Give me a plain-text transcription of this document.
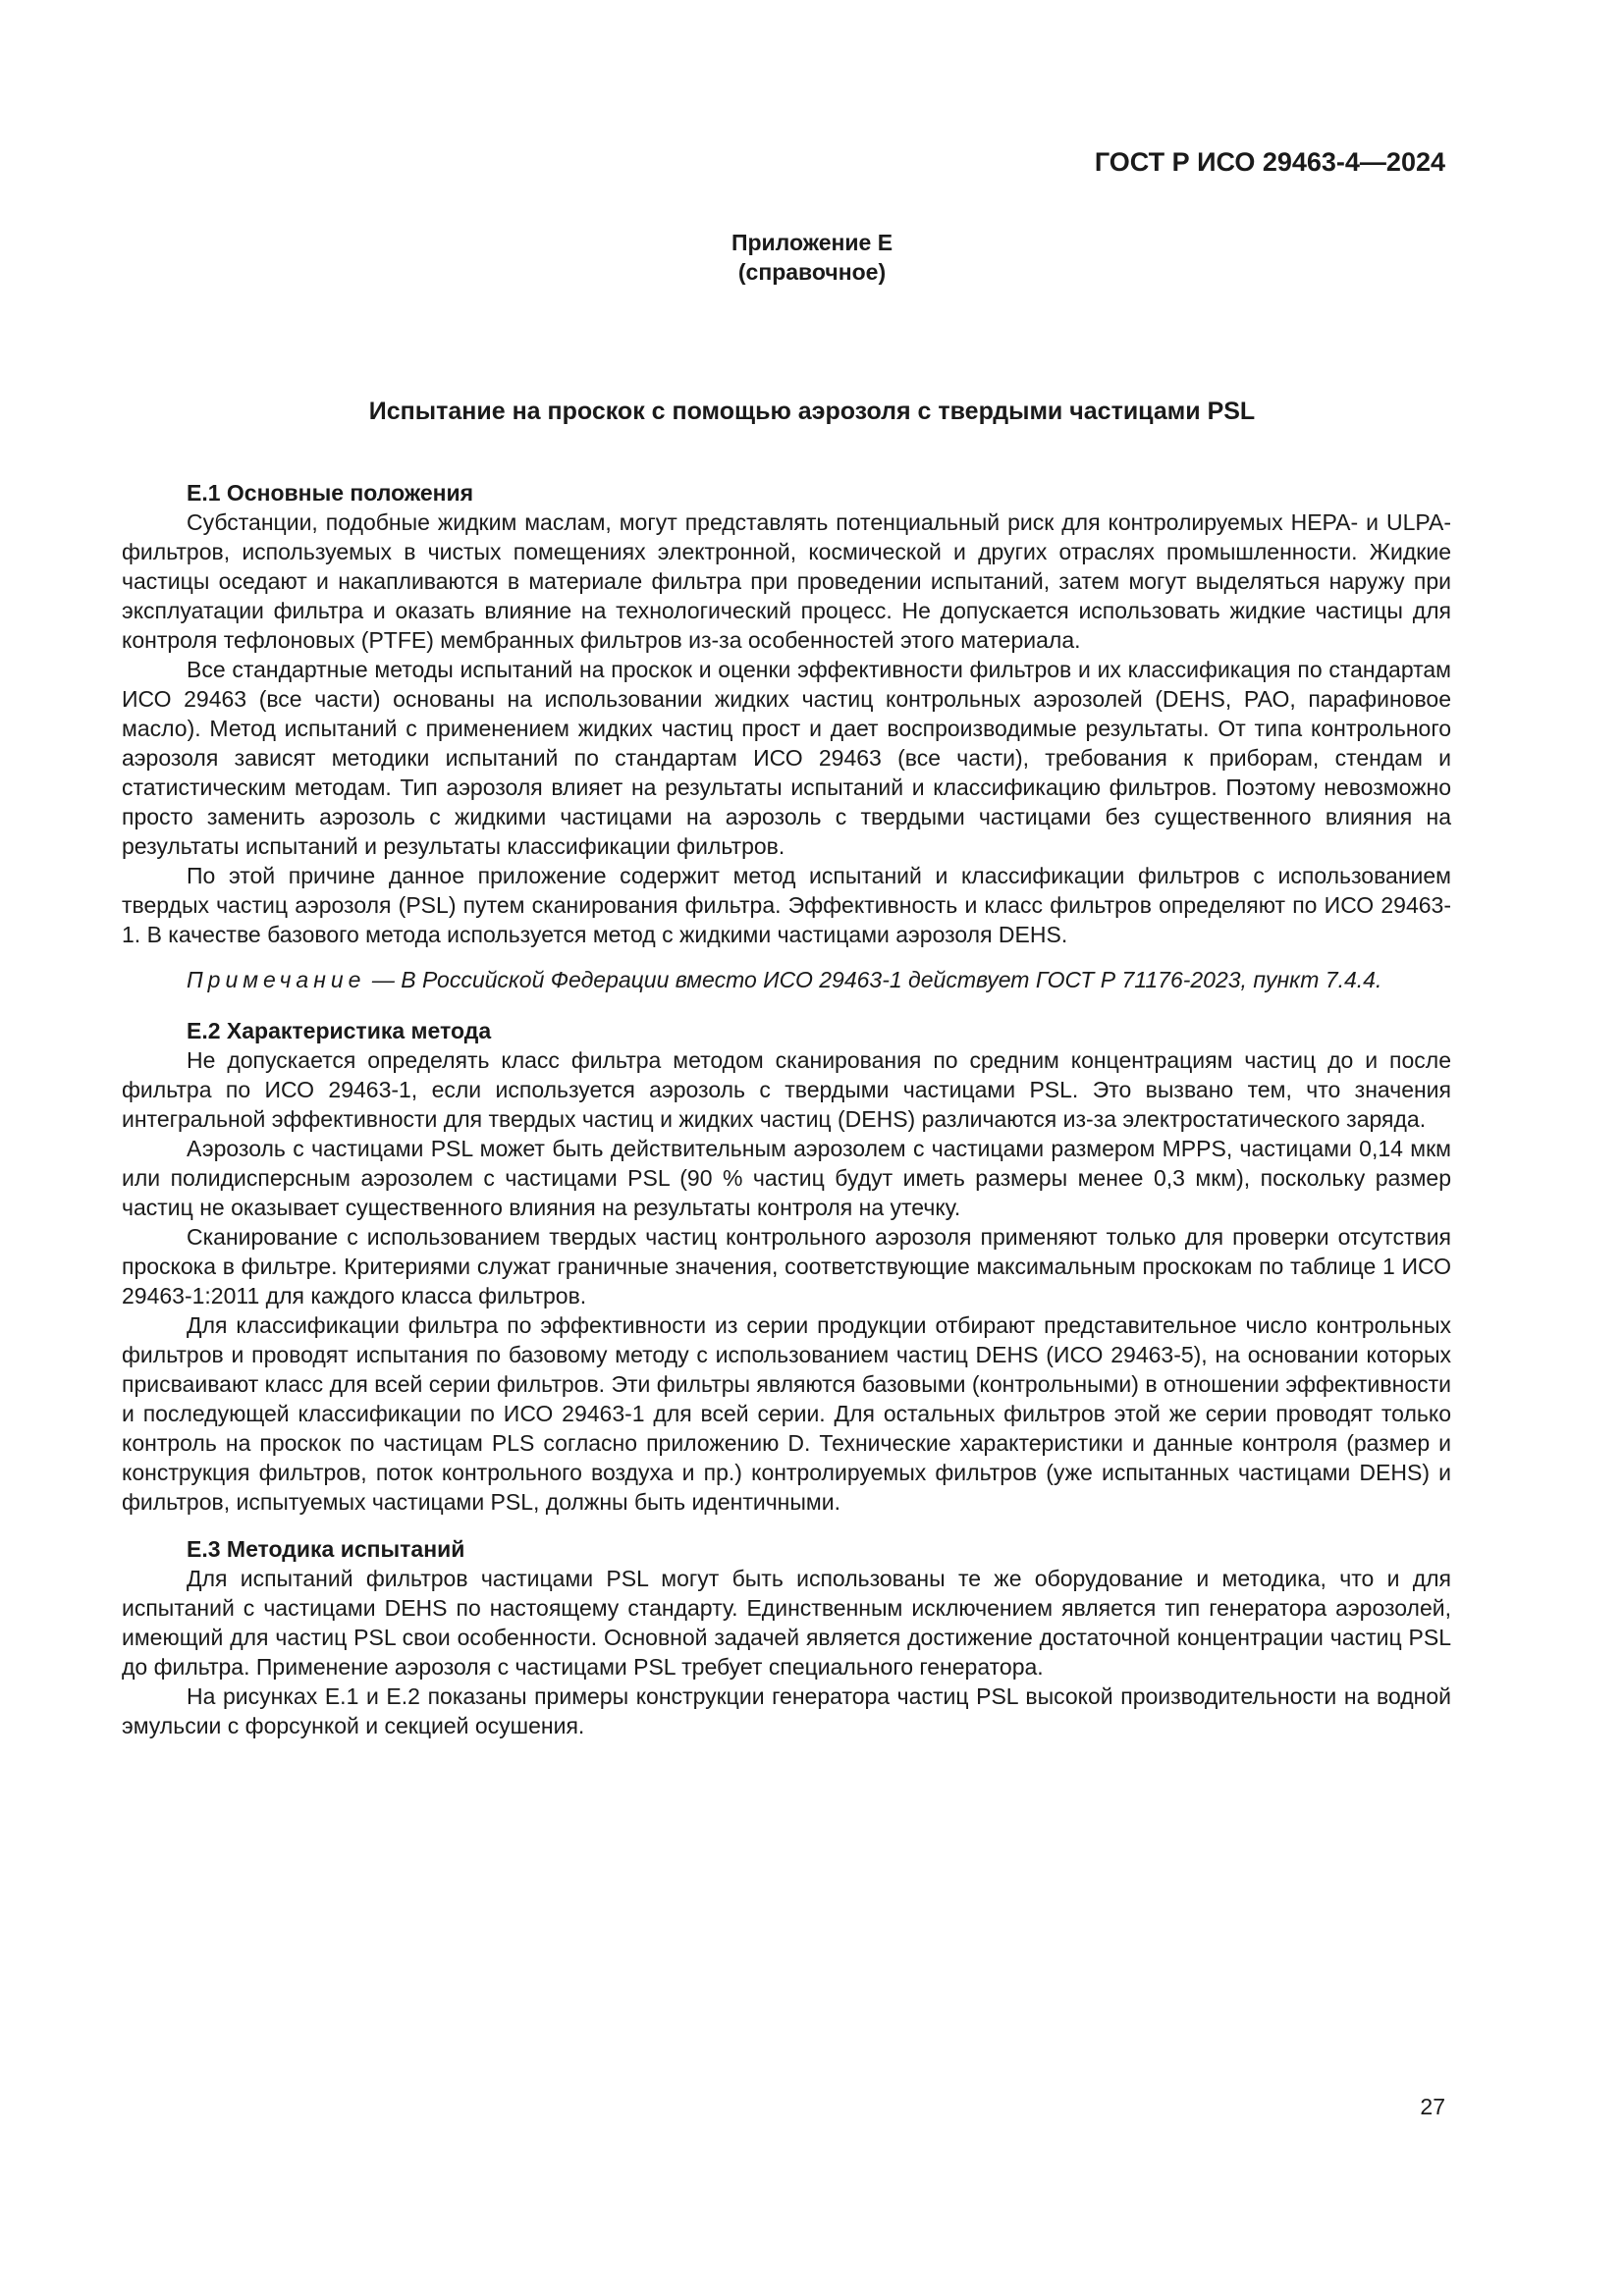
ГОСТ Р ИСО 29463-4—2024

Приложение Е
(справочное)
Испытание на проскок с помощью аэрозоля с твердыми частицами PSL
Е.1 Основные положения

Субстанции, подобные жидким маслам, могут представлять потенциальный риск для контролируемых HEPA- и ULPA-фильтров, используемых в чистых помещениях электронной, космической и других отраслях промышленности. Жидкие частицы оседают и накапливаются в материале фильтра при проведении испытаний, затем могут выделяться наружу при эксплуатации фильтра и оказать влияние на технологический процесс. Не допускается использовать жидкие частицы для контроля тефлоновых (PTFE) мембранных фильтров из-за особенностей этого материала.

Все стандартные методы испытаний на проскок и оценки эффективности фильтров и их классификация по стандартам ИСО 29463 (все части) основаны на использовании жидких частиц контрольных аэрозолей (DEHS, РАО, парафиновое масло). Метод испытаний с применением жидких частиц прост и дает воспроизводимые результаты. От типа контрольного аэрозоля зависят методики испытаний по стандартам ИСО 29463 (все части), требования к приборам, стендам и статистическим методам. Тип аэрозоля влияет на результаты испытаний и классификацию фильтров. Поэтому невозможно просто заменить аэрозоль с жидкими частицами на аэрозоль с твердыми частицами без существенного влияния на результаты испытаний и результаты классификации фильтров.

По этой причине данное приложение содержит метод испытаний и классификации фильтров с использованием твердых частиц аэрозоля (PSL) путем сканирования фильтра. Эффективность и класс фильтров определяют по ИСО 29463-1. В качестве базового метода используется метод с жидкими частицами аэрозоля DEHS.

Примечание — В Российской Федерации вместо ИСО 29463-1 действует ГОСТ Р 71176-2023, пункт 7.4.4.

Е.2 Характеристика метода

Не допускается определять класс фильтра методом сканирования по средним концентрациям частиц до и после фильтра по ИСО 29463-1, если используется аэрозоль с твердыми частицами PSL. Это вызвано тем, что значения интегральной эффективности для твердых частиц и жидких частиц (DEHS) различаются из-за электростатического заряда.

Аэрозоль с частицами PSL может быть действительным аэрозолем с частицами размером MPPS, частицами 0,14 мкм или полидисперсным аэрозолем с частицами PSL (90 % частиц будут иметь размеры менее 0,3 мкм), поскольку размер частиц не оказывает существенного влияния на результаты контроля на утечку.

Сканирование с использованием твердых частиц контрольного аэрозоля применяют только для проверки отсутствия проскока в фильтре. Критериями служат граничные значения, соответствующие максимальным проскокам по таблице 1 ИСО 29463-1:2011 для каждого класса фильтров.

Для классификации фильтра по эффективности из серии продукции отбирают представительное число контрольных фильтров и проводят испытания по базовому методу с использованием частиц DEHS (ИСО 29463-5), на основании которых присваивают класс для всей серии фильтров. Эти фильтры являются базовыми (контрольными) в отношении эффективности и последующей классификации по ИСО 29463-1 для всей серии. Для остальных фильтров этой же серии проводят только контроль на проскок по частицам PLS согласно приложению D. Технические характеристики и данные контроля (размер и конструкция фильтров, поток контрольного воздуха и пр.) контролируемых фильтров (уже испытанных частицами DEHS) и фильтров, испытуемых частицами PSL, должны быть идентичными.

Е.3 Методика испытаний

Для испытаний фильтров частицами PSL могут быть использованы те же оборудование и методика, что и для испытаний с частицами DEHS по настоящему стандарту. Единственным исключением является тип генератора аэрозолей, имеющий для частиц PSL свои особенности. Основной задачей является достижение достаточной концентрации частиц PSL до фильтра. Применение аэрозоля с частицами PSL требует специального генератора.

На рисунках Е.1 и Е.2 показаны примеры конструкции генератора частиц PSL высокой производительности на водной эмульсии с форсункой и секцией осушения.

27
